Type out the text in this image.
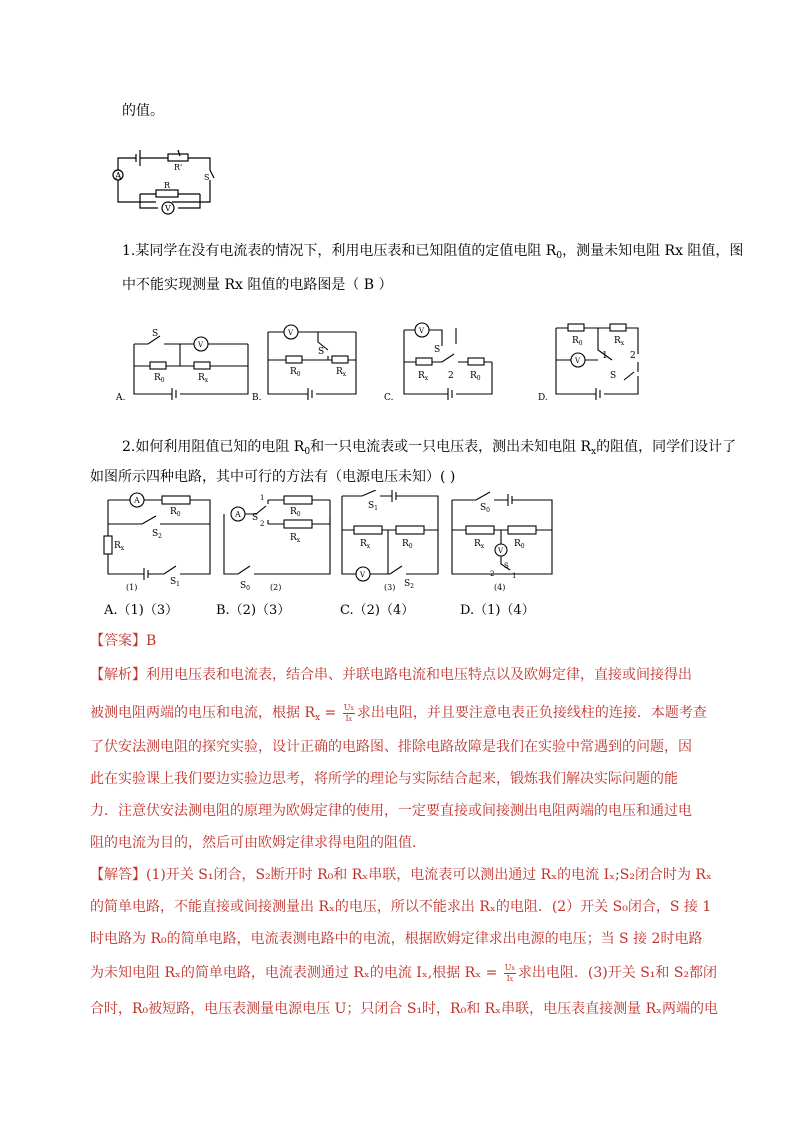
的值。
A
R'
S
R
V
1.某同学在没有电流表的情况下，利用电压表和已知阻值的定值电阻 $R_0$，测量未知电阻 Rx 阻值，图
中不能实现测量 Rx 阻值的电路图是（ B ）
S
V
$R_0$	$R_x$
A.
V
S
$R_0$	$R_x$
B.
V
S
$R_x$ 2 $R_0$
C.
$R_0$	$R_x$
V 1 2
S
D.
2.如何利用阻值已知的电阻 $R_0$和一只电流表或一只电压表，测出未知电阻 $R_x$的阻值，同学们设计了
如图所示四种电路，其中可行的方法有（电源电压未知）( )
A
$R_0$
$R_x$
$S_2$
$S_1$
(1)
A S
1
2
$R_0$
$R_x$
$S_0$	(2)
$S_1$
$R_x$	$R_0$
V
$S_2$
(3)
$S_0$
$R_x$	$R_0$
V
S
1
2
(4)
A.（1)（3）	B.（2)（3）	C.（2)（4）	D.（1)（4）
【答案】B
【解析】利用电压表和电流表，结合串、并联电路电流和电压特点以及欧姆定律，直接或间接得出
被测电阻两端的电压和电流，根据 $R_x = \frac{Ux}{Ix}$ 求出电阻，并且要注意电表正负接线柱的连接．本题考查
了伏安法测电阻的探究实验，设计正确的电路图、排除电路故障是我们在实验中常遇到的问题，因
此在实验课上我们要边实验边思考，将所学的理论与实际结合起来，锻炼我们解决实际问题的能
力．注意伏安法测电阻的原理为欧姆定律的使用，一定要直接或间接测出电阻两端的电压和通过电
阻的电流为目的，然后可由欧姆定律求得电阻的阻值．
【解答】(1)开关 S₁闭合，S₂断开时 R₀和 Rₓ串联，电流表可以测出通过 Rₓ的电流 Iₓ;S₂闭合时为 Rₓ
的简单电路，不能直接或间接测量出 Rₓ的电压，所以不能求出 Rₓ的电阻．(2）开关 S₀闭合，S 接 1
时电路为 R₀的简单电路，电流表测电路中的电流，根据欧姆定律求出电源的电压；当 S 接 2时电路
为未知电阻 Rₓ的简单电路，电流表测通过 Rₓ的电流 Iₓ,根据 $R_x = \frac{Ux}{Ix}$ 求出电阻．(3)开关 S₁和 S₂都闭
合时，R₀被短路，电压表测量电源电压 U；只闭合 S₁时，R₀和 Rₓ串联，电压表直接测量 Rₓ两端的电
